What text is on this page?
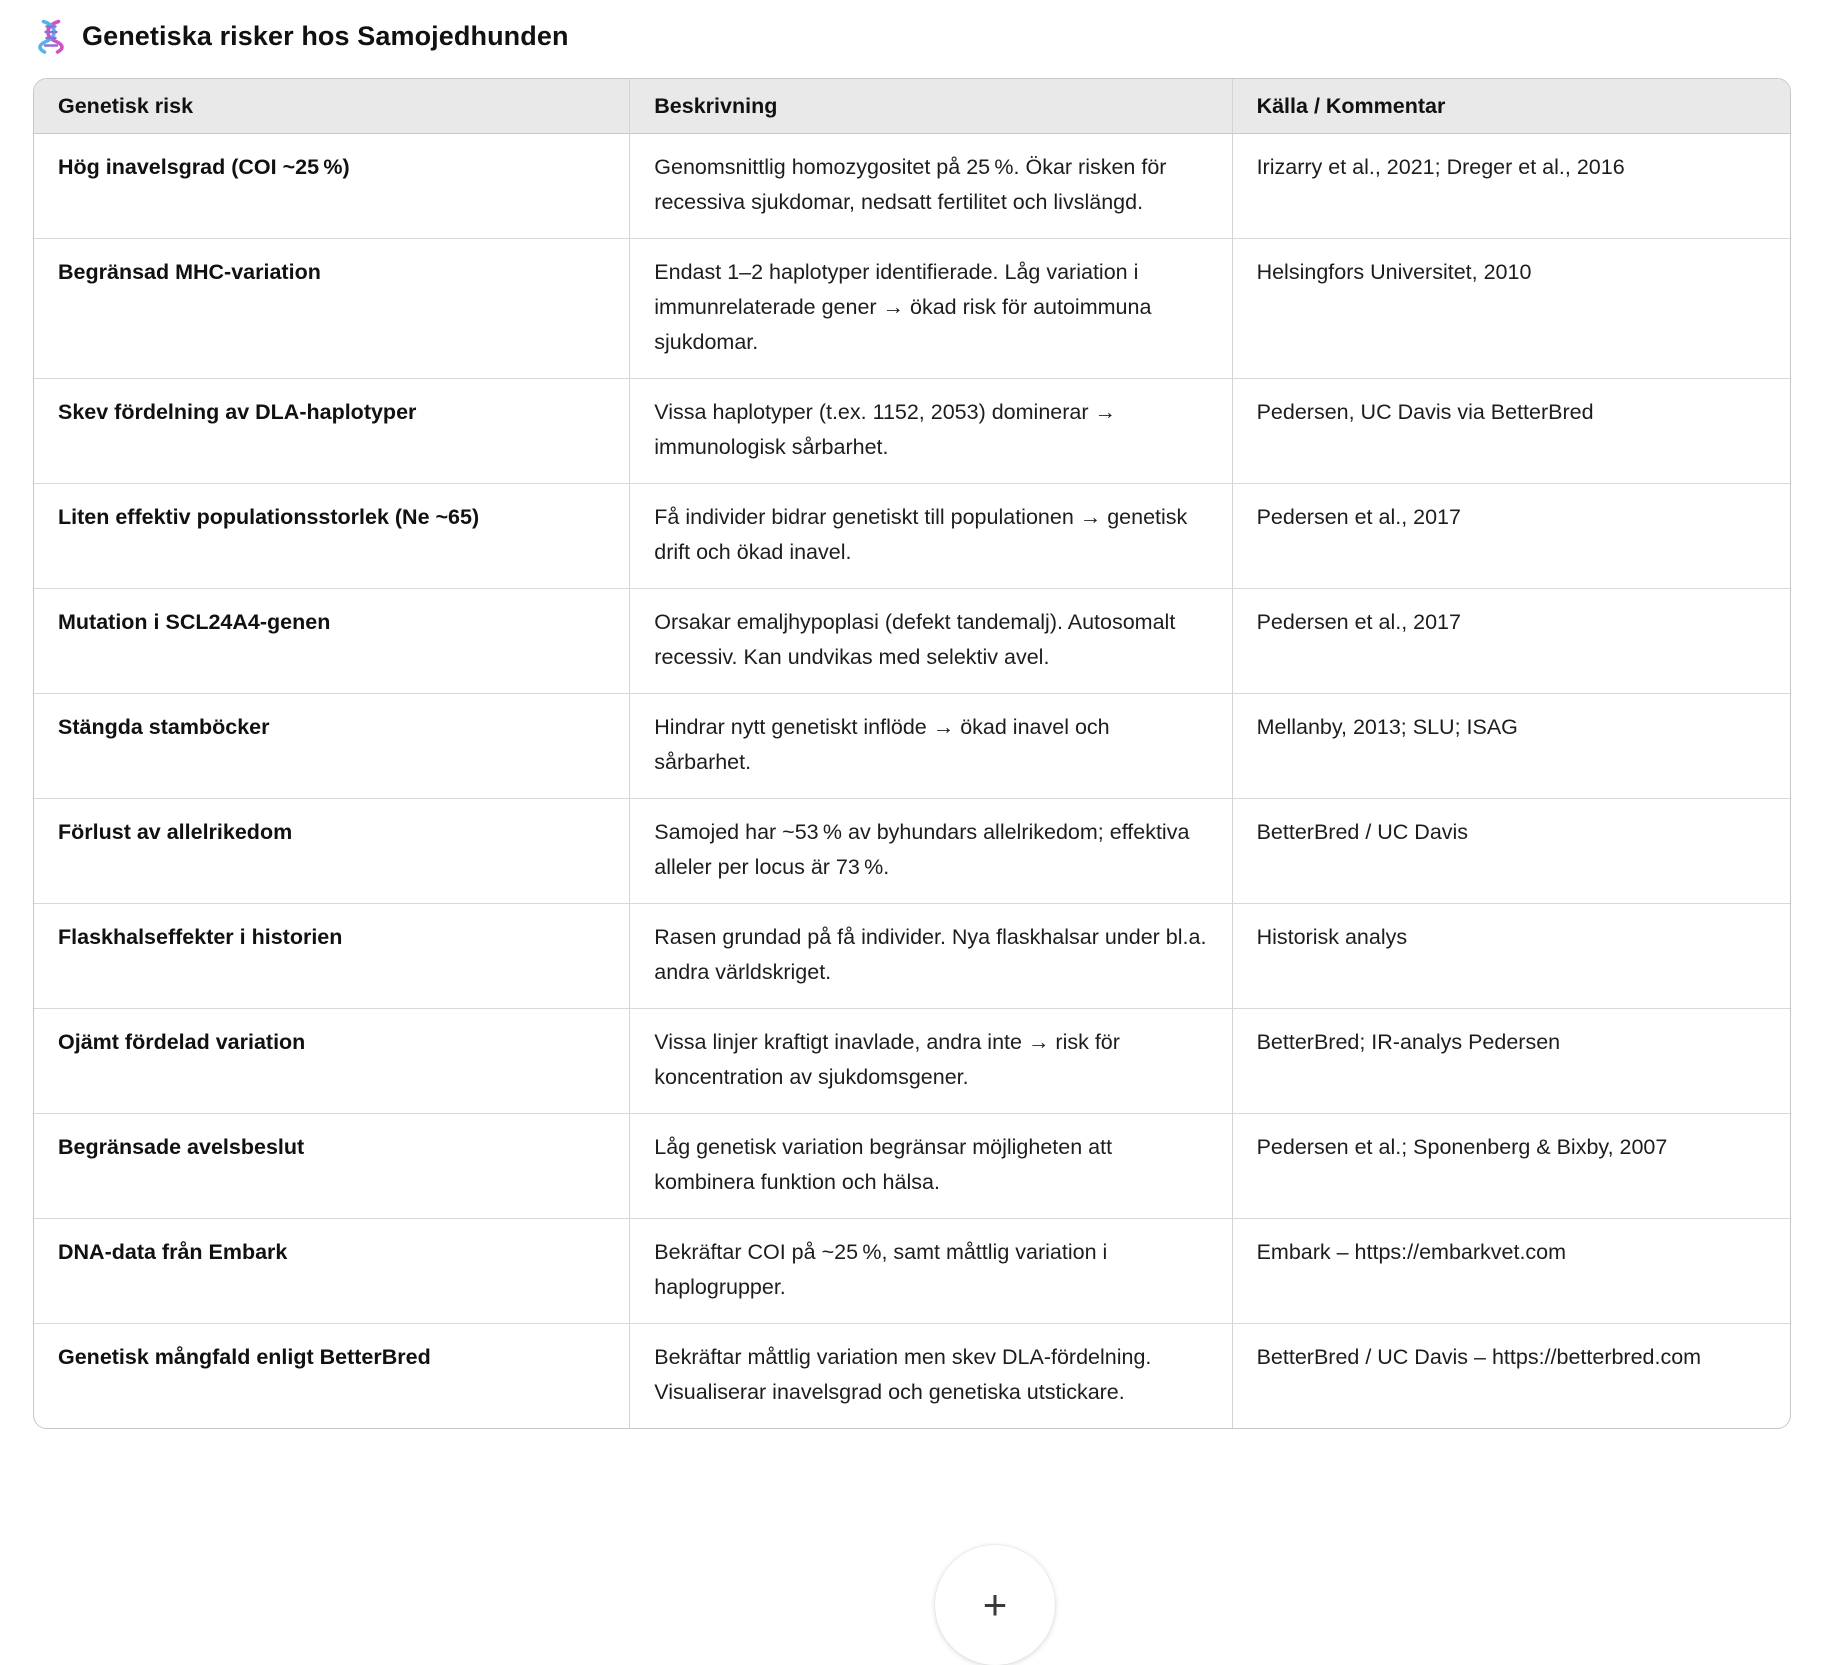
Genetiska risker hos Samojedhunden
Genetisk risk	Beskrivning	Källa / Kommentar
Hög inavelsgrad (COI ~25 %)	Genomsnittlig homozygositet på 25 %. Ökar risken för recessiva sjukdomar, nedsatt fertilitet och livslängd.	Irizarry et al., 2021; Dreger et al., 2016
Begränsad MHC-variation	Endast 1–2 haplotyper identifierade. Låg variation i immunrelaterade gener → ökad risk för autoimmuna sjukdomar.	Helsingfors Universitet, 2010
Skev fördelning av DLA-haplotyper	Vissa haplotyper (t.ex. 1152, 2053) dominerar → immunologisk sårbarhet.	Pedersen, UC Davis via BetterBred
Liten effektiv populationsstorlek (Ne ~65)	Få individer bidrar genetiskt till populationen → genetisk drift och ökad inavel.	Pedersen et al., 2017
Mutation i SCL24A4-genen	Orsakar emaljhypoplasi (defekt tandemalj). Autosomalt recessiv. Kan undvikas med selektiv avel.	Pedersen et al., 2017
Stängda stamböcker	Hindrar nytt genetiskt inflöde → ökad inavel och sårbarhet.	Mellanby, 2013; SLU; ISAG
Förlust av allelrikedom	Samojed har ~53 % av byhundars allelrikedom; effektiva alleler per locus är 73 %.	BetterBred / UC Davis
Flaskhalseffekter i historien	Rasen grundad på få individer. Nya flaskhalsar under bl.a. andra världskriget.	Historisk analys
Ojämt fördelad variation	Vissa linjer kraftigt inavlade, andra inte → risk för koncentration av sjukdomsgener.	BetterBred; IR-analys Pedersen
Begränsade avelsbeslut	Låg genetisk variation begränsar möjligheten att kombinera funktion och hälsa.	Pedersen et al.; Sponenberg & Bixby, 2007
DNA-data från Embark	Bekräftar COI på ~25 %, samt måttlig variation i haplogrupper.	Embark – https://embarkvet.com
Genetisk mångfald enligt BetterBred	Bekräftar måttlig variation men skev DLA-fördelning. Visualiserar inavelsgrad och genetiska utstickare.	BetterBred / UC Davis – https://betterbred.com
+
